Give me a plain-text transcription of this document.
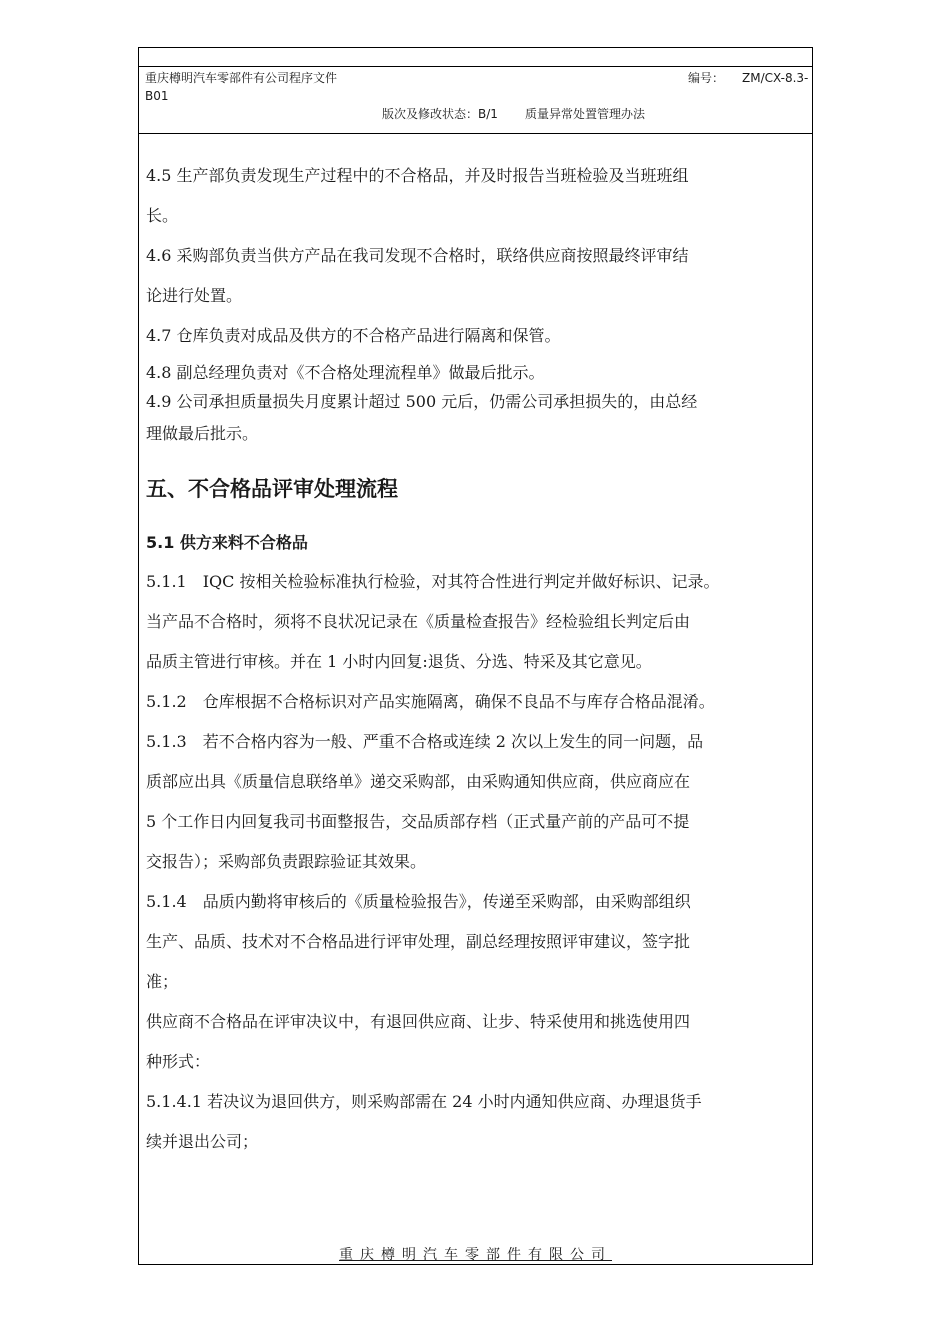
重庆樽明汽车零部件有公司程序文件	编号： ZM/CX-8.3-
B01
版次及修改状态：B/1 质量异常处置管理办法
4.5 生产部负责发现生产过程中的不合格品，并及时报告当班检验及当班班组
长。
4.6 采购部负责当供方产品在我司发现不合格时，联络供应商按照最终评审结
论进行处置。
4.7 仓库负责对成品及供方的不合格产品进行隔离和保管。
4.8 副总经理负责对《不合格处理流程单》做最后批示。
4.9 公司承担质量损失月度累计超过 500 元后，仍需公司承担损失的，由总经
理做最后批示。
五、不合格品评审处理流程
5.1 供方来料不合格品
5.1.1　IQC 按相关检验标准执行检验，对其符合性进行判定并做好标识、记录。
当产品不合格时，须将不良状况记录在《质量检查报告》经检验组长判定后由
品质主管进行审核。并在 1 小时内回复:退货、分选、特采及其它意见。
5.1.2　仓库根据不合格标识对产品实施隔离，确保不良品不与库存合格品混淆。
5.1.3　若不合格内容为一般、严重不合格或连续 2 次以上发生的同一问题，品
质部应出具《质量信息联络单》递交采购部，由采购通知供应商，供应商应在
5 个工作日内回复我司书面整报告，交品质部存档（正式量产前的产品可不提
交报告）；采购部负责跟踪验证其效果。
5.1.4　品质内勤将审核后的《质量检验报告》，传递至采购部，由采购部组织
生产、品质、技术对不合格品进行评审处理，副总经理按照评审建议，签字批
准；
供应商不合格品在评审决议中，有退回供应商、让步、特采使用和挑选使用四
种形式：
5.1.4.1 若决议为退回供方，则采购部需在 24 小时内通知供应商、办理退货手
续并退出公司；
重庆樽明汽车零部件有限公司
